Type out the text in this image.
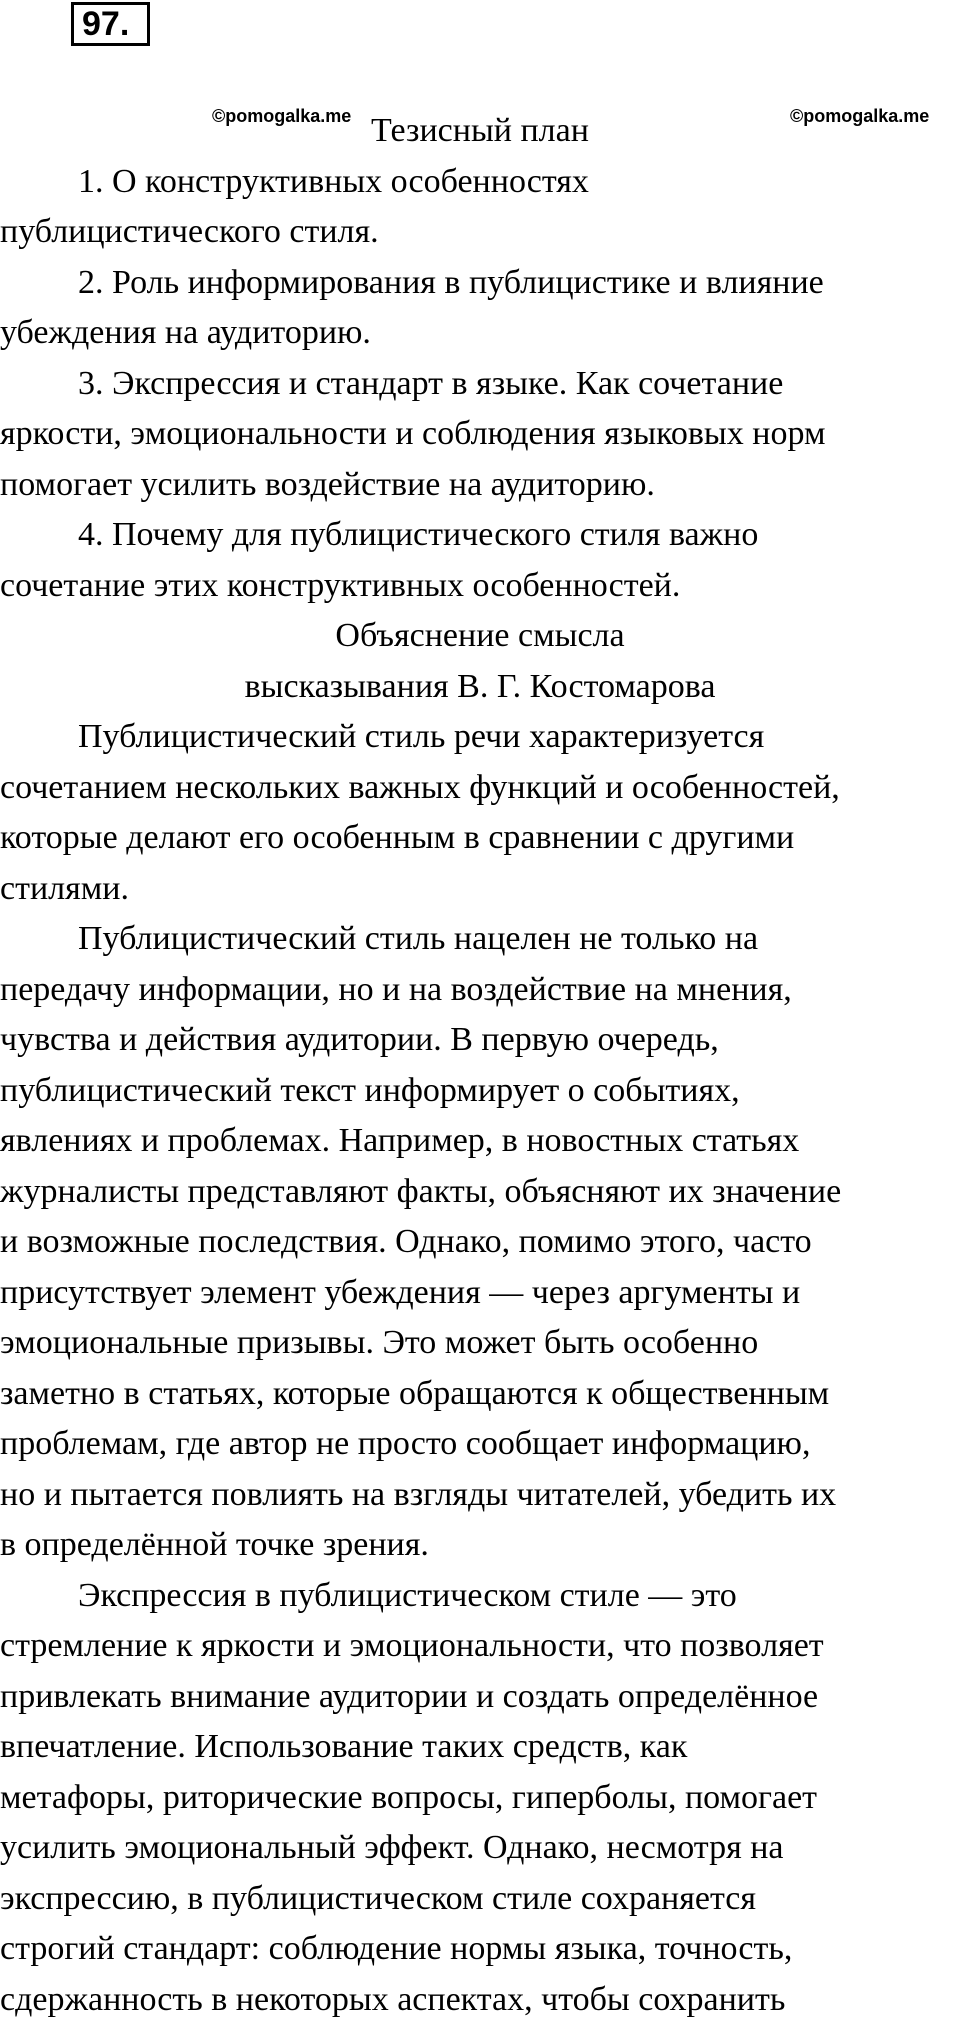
97.
©pomogalka.me	©pomogalka.me
Тезисный план
1. О конструктивных особенностях
публицистического стиля.
2. Роль информирования в публицистике и влияние
убеждения на аудиторию.
3. Экспрессия и стандарт в языке. Как сочетание
яркости, эмоциональности и соблюдения языковых норм
помогает усилить воздействие на аудиторию.
4. Почему для публицистического стиля важно
сочетание этих конструктивных особенностей.
Объяснение смысла
высказывания В. Г. Костомарова
Публицистический стиль речи характеризуется
сочетанием нескольких важных функций и особенностей,
которые делают его особенным в сравнении с другими
стилями.
Публицистический стиль нацелен не только на
передачу информации, но и на воздействие на мнения,
чувства и действия аудитории. В первую очередь,
публицистический текст информирует о событиях,
явлениях и проблемах. Например, в новостных статьях
журналисты представляют факты, объясняют их значение
и возможные последствия. Однако, помимо этого, часто
присутствует элемент убеждения — через аргументы и
эмоциональные призывы. Это может быть особенно
заметно в статьях, которые обращаются к общественным
проблемам, где автор не просто сообщает информацию,
но и пытается повлиять на взгляды читателей, убедить их
в определённой точке зрения.
Экспрессия в публицистическом стиле — это
стремление к яркости и эмоциональности, что позволяет
привлекать внимание аудитории и создать определённое
впечатление. Использование таких средств, как
метафоры, риторические вопросы, гиперболы, помогает
усилить эмоциональный эффект. Однако, несмотря на
экспрессию, в публицистическом стиле сохраняется
строгий стандарт: соблюдение нормы языка, точность,
сдержанность в некоторых аспектах, чтобы сохранить
